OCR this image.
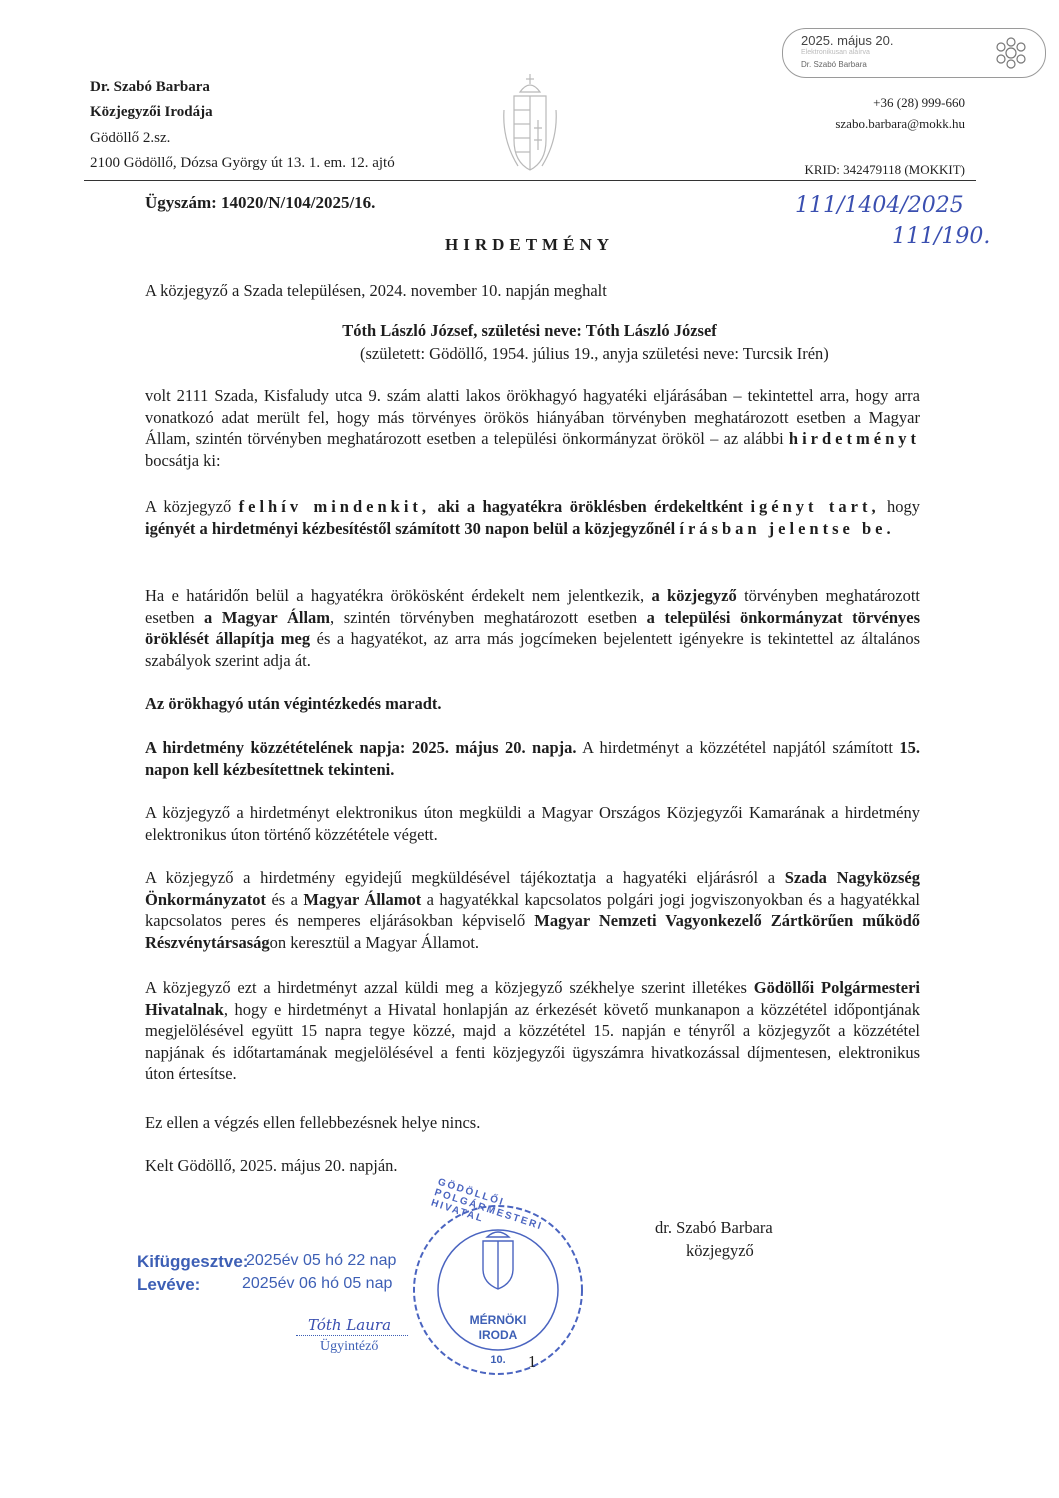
Dr. Szabó Barbara
Közjegyzői Irodája
Gödöllő 2.sz.
2100 Gödöllő, Dózsa György út 13. 1. em. 12. ajtó
2025. május 20.
Elektronikusan aláírva
Dr. Szabó Barbara
+36 (28) 999-660
szabo.barbara@mokk.hu
KRID: 342479118 (MOKKIT)
Ügyszám: 14020/N/104/2025/16.	111/1404/2025
111/190.
HIRDETMÉNY
A közjegyző a Szada településen, 2024. november 10. napján meghalt
Tóth László József, születési neve: Tóth László József
(született: Gödöllő, 1954. július 19., anyja születési neve: Turcsik Irén)
volt 2111 Szada, Kisfaludy utca 9. szám alatti lakos örökhagyó hagyatéki eljárásában – tekintettel arra, hogy arra vonatkozó adat merült fel, hogy más törvényes örökös hiányában törvényben meghatározott esetben a Magyar Állam, szintén törvényben meghatározott esetben a települési önkormányzat örököl – az alábbi hirdetményt bocsátja ki:
A közjegyző felhív mindenkit, aki a hagyatékra öröklésben érdekeltként igényt tart, hogy igényét a hirdetményi kézbesítéstől számított 30 napon belül a közjegyzőnél írásban jelentse be.
Ha e határidőn belül a hagyatékra örökösként érdekelt nem jelentkezik, a közjegyző törvényben meghatározott esetben a Magyar Állam, szintén törvényben meghatározott esetben a települési önkormányzat törvényes öröklését állapítja meg és a hagyatékot, az arra más jogcímeken bejelentett igényekre is tekintettel az általános szabályok szerint adja át.
Az örökhagyó után végintézkedés maradt.
A hirdetmény közzétételének napja: 2025. május 20. napja. A hirdetményt a közzététel napjától számított 15. napon kell kézbesítettnek tekinteni.
A közjegyző a hirdetményt elektronikus úton megküldi a Magyar Országos Közjegyzői Kamarának a hirdetmény elektronikus úton történő közzététele végett.
A közjegyző a hirdetmény egyidejű megküldésével tájékoztatja a hagyatéki eljárásról a Szada Nagyközség Önkormányzatot és a Magyar Államot a hagyatékkal kapcsolatos polgári jogi jogviszonyokban és a hagyatékkal kapcsolatos peres és nemperes eljárásokban képviselő Magyar Nemzeti Vagyonkezelő Zártkörűen működő Részvénytársaságon keresztül a Magyar Államot.
A közjegyző ezt a hirdetményt azzal küldi meg a közjegyző székhelye szerint illetékes Gödöllői Polgármesteri Hivatalnak, hogy e hirdetményt a Hivatal honlapján az érkezését követő munkanapon a közzététel időpontjának megjelölésével együtt 15 napra tegye közzé, majd a közzététel 15. napján e tényről a közjegyzőt a közzététel napjának és időtartamának megjelölésével a fenti közjegyzői ügyszámra hivatkozással díjmentesen, elektronikus úton értesítse.
Ez ellen a végzés ellen fellebbezésnek helye nincs.
Kelt Gödöllő, 2025. május 20. napján.
dr. Szabó Barbara
közjegyző
Kifüggesztve:
2025év 05 hó 22 nap
Levéve:	2025év 06 hó 05 nap
Tóth Laura
Ügyintéző
MÉRNÖKI
IRODA
10.
GÖDÖLLŐI POLGÁRMESTERI HIVATAL
1
